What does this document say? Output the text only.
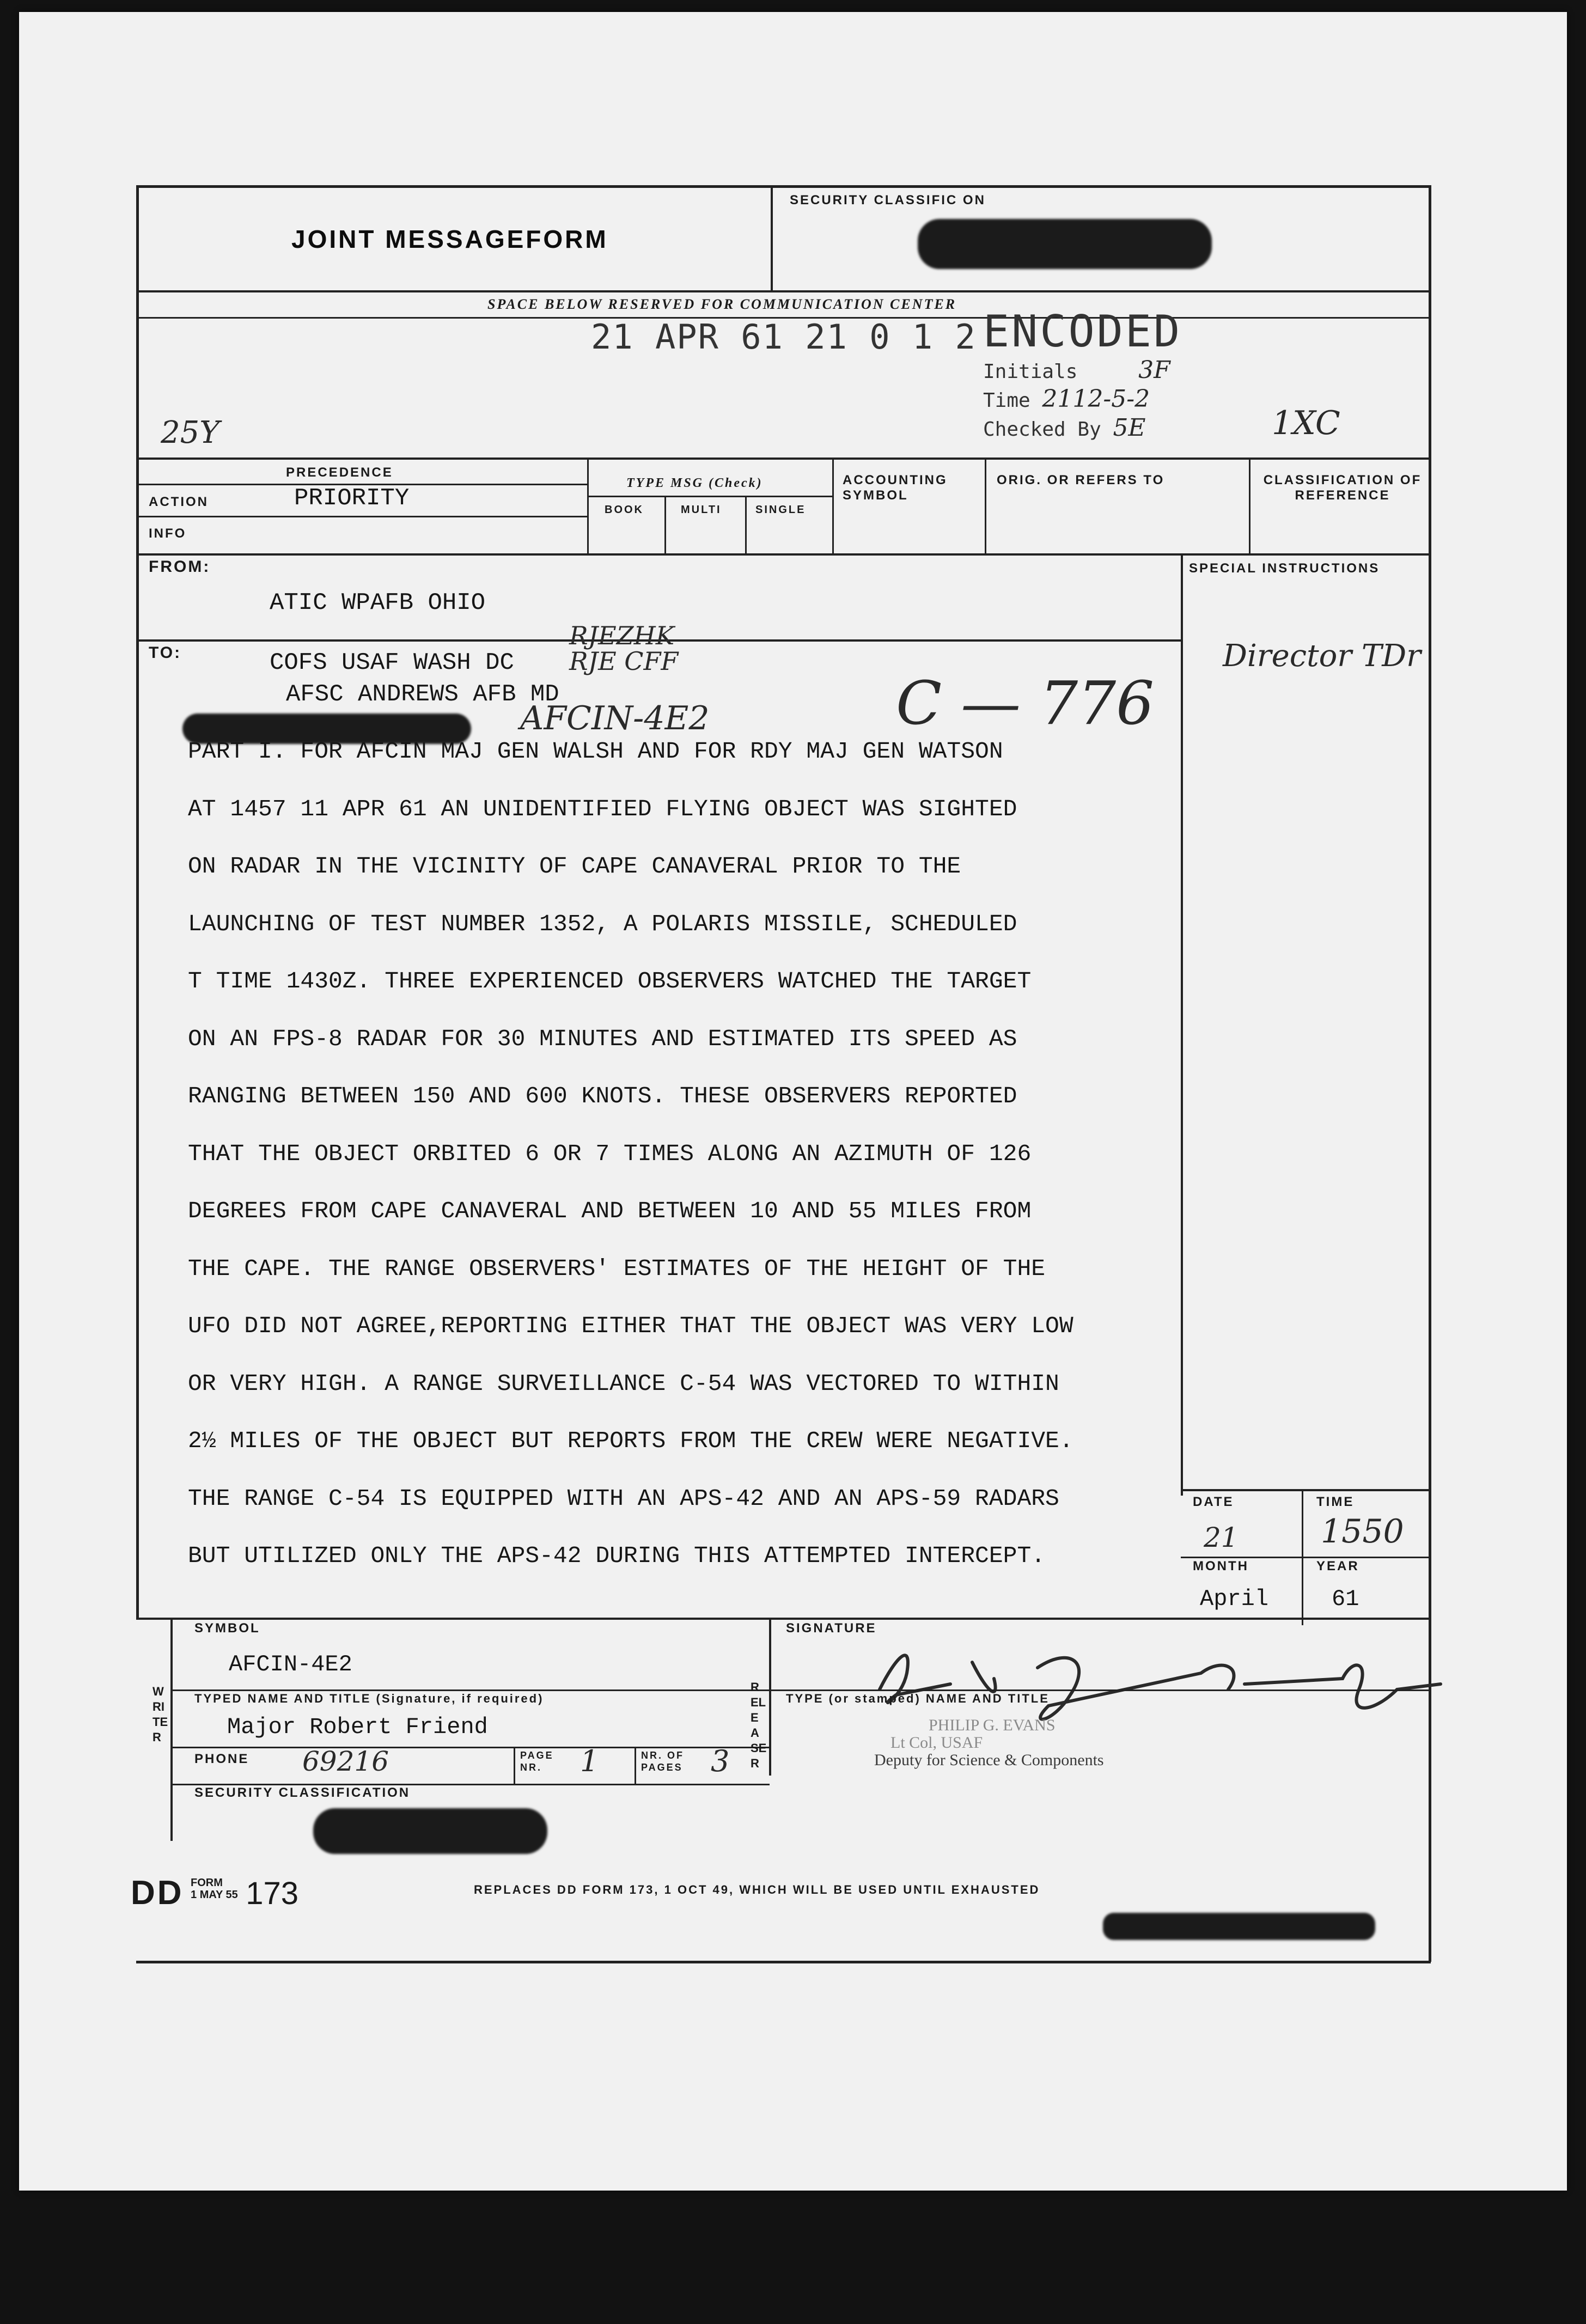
JOINT MESSAGEFORM
SECURITY CLASSIFIC ON
SPACE BELOW RESERVED FOR COMMUNICATION CENTER
21 APR 61 21 0 1 2 ENCODED
Initials	3F
Time 2112-5-2
Checked By 5E
25Y	1XC
PRECEDENCE
ACTION	PRIORITY
INFO
TYPE MSG (Check)
BOOK	MULTI	SINGLE
ACCOUNTING SYMBOL
ORIG. OR REFERS TO	CLASSIFICATION OF REFERENCE
FROM:
ATIC WPAFB OHIO
SPECIAL INSTRUCTIONS
TO:	COFS USAF WASH DC
AFSC ANDREWS AFB MD
RJEZHK
RJE CFF	Director TDr
AFCIN-4E2	C — 776

PART I. FOR AFCIN MAJ GEN WALSH AND FOR RDY MAJ GEN WATSON

AT 1457 11 APR 61 AN UNIDENTIFIED FLYING OBJECT WAS SIGHTED

ON RADAR IN THE VICINITY OF CAPE CANAVERAL PRIOR TO THE

LAUNCHING OF TEST NUMBER 1352, A POLARIS MISSILE, SCHEDULED

T TIME 1430Z. THREE EXPERIENCED OBSERVERS WATCHED THE TARGET

ON AN FPS-8 RADAR FOR 30 MINUTES AND ESTIMATED ITS SPEED AS

RANGING BETWEEN 150 AND 600 KNOTS. THESE OBSERVERS REPORTED

THAT THE OBJECT ORBITED 6 OR 7 TIMES ALONG AN AZIMUTH OF 126

DEGREES FROM CAPE CANAVERAL AND BETWEEN 10 AND 55 MILES FROM

THE CAPE. THE RANGE OBSERVERS' ESTIMATES OF THE HEIGHT OF THE

UFO DID NOT AGREE,REPORTING EITHER THAT THE OBJECT WAS VERY LOW

OR VERY HIGH. A RANGE SURVEILLANCE C-54 WAS VECTORED TO WITHIN

2½ MILES OF THE OBJECT BUT REPORTS FROM THE CREW WERE NEGATIVE.

THE RANGE C-54 IS EQUIPPED WITH AN APS-42 AND AN APS-59 RADARS

BUT UTILIZED ONLY THE APS-42 DURING THIS ATTEMPTED INTERCEPT.

DATE	TIME
21	1550
MONTH	YEAR
April	61
SYMBOL
AFCIN-4E2
WRITER
TYPED NAME AND TITLE (Signature, if required)
Major Robert Friend
PHONE 69216	PAGE NR.	1	NR. OF PAGES 3
SECURITY CLASSIFICATION
RELEASER
SIGNATURE
TYPE (or stamped) NAME AND TITLE
PHILIP G. EVANS
Lt Col, USAF
Deputy for Science & Components
DD FORM
1 MAY 55 173	REPLACES DD FORM 173, 1 OCT 49, WHICH WILL BE USED UNTIL EXHAUSTED
